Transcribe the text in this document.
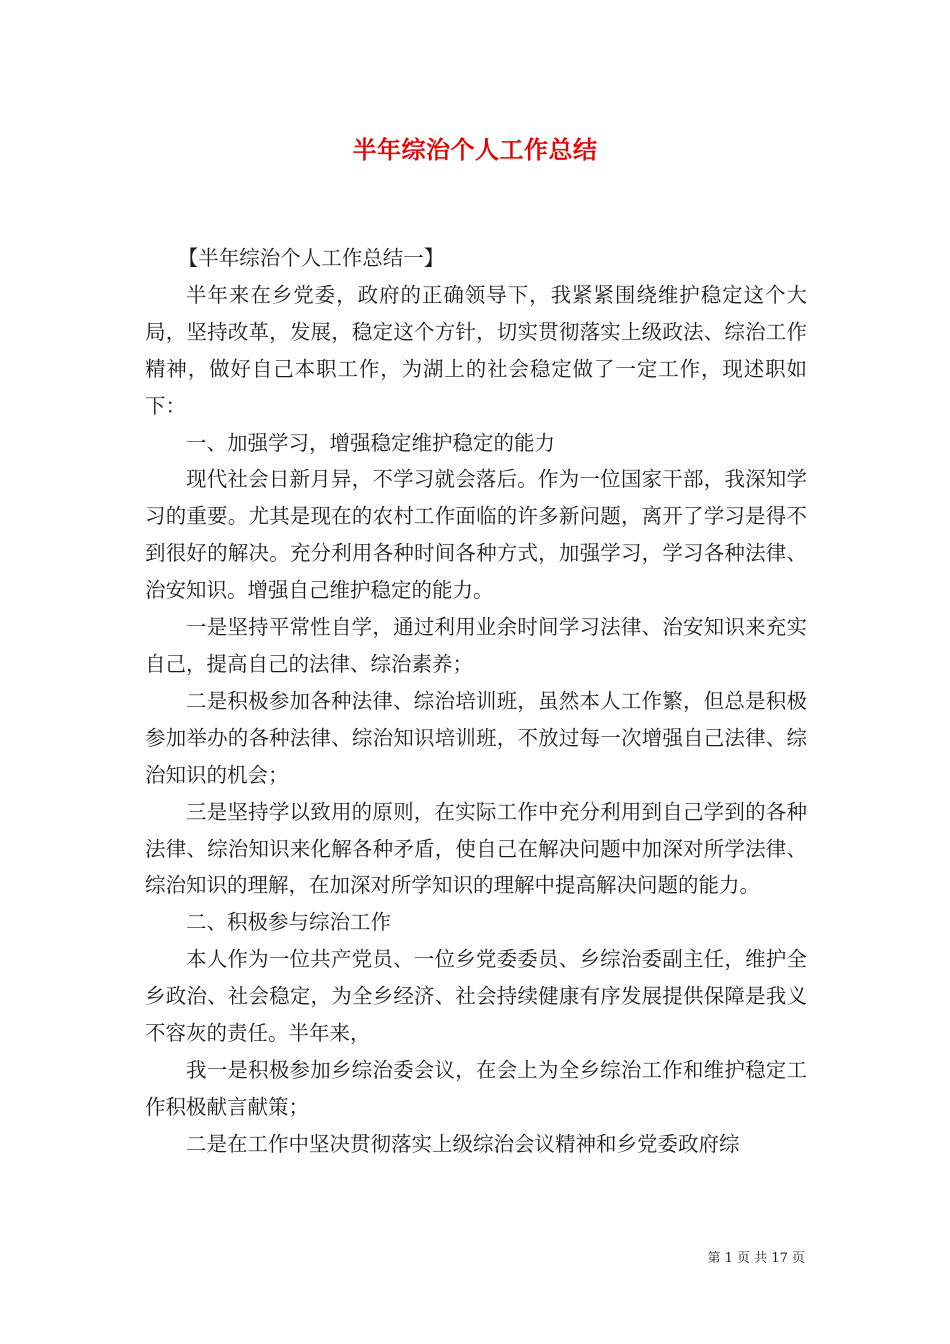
半年综治个人工作总结

【半年综治个人工作总结一】

半年来在乡党委，政府的正确领导下，我紧紧围绕维护稳定这个大局，坚持改革，发展，稳定这个方针，切实贯彻落实上级政法、综治工作精神，做好自己本职工作，为湖上的社会稳定做了一定工作，现述职如下：

一、加强学习，增强稳定维护稳定的能力

现代社会日新月异，不学习就会落后。作为一位国家干部，我深知学习的重要。尤其是现在的农村工作面临的许多新问题，离开了学习是得不到很好的解决。充分利用各种时间各种方式，加强学习，学习各种法律、治安知识。增强自己维护稳定的能力。

一是坚持平常性自学，通过利用业余时间学习法律、治安知识来充实自己，提高自己的法律、综治素养；

二是积极参加各种法律、综治培训班，虽然本人工作繁，但总是积极参加举办的各种法律、综治知识培训班，不放过每一次增强自己法律、综治知识的机会；

三是坚持学以致用的原则，在实际工作中充分利用到自己学到的各种法律、综治知识来化解各种矛盾，使自己在解决问题中加深对所学法律、综治知识的理解，在加深对所学知识的理解中提高解决问题的能力。

二、积极参与综治工作

本人作为一位共产党员、一位乡党委委员、乡综治委副主任，维护全乡政治、社会稳定，为全乡经济、社会持续健康有序发展提供保障是我义不容灰的责任。半年来，

我一是积极参加乡综治委会议，在会上为全乡综治工作和维护稳定工作积极献言献策；

二是在工作中坚决贯彻落实上级综治会议精神和乡党委政府综

第 1 页 共 17 页
